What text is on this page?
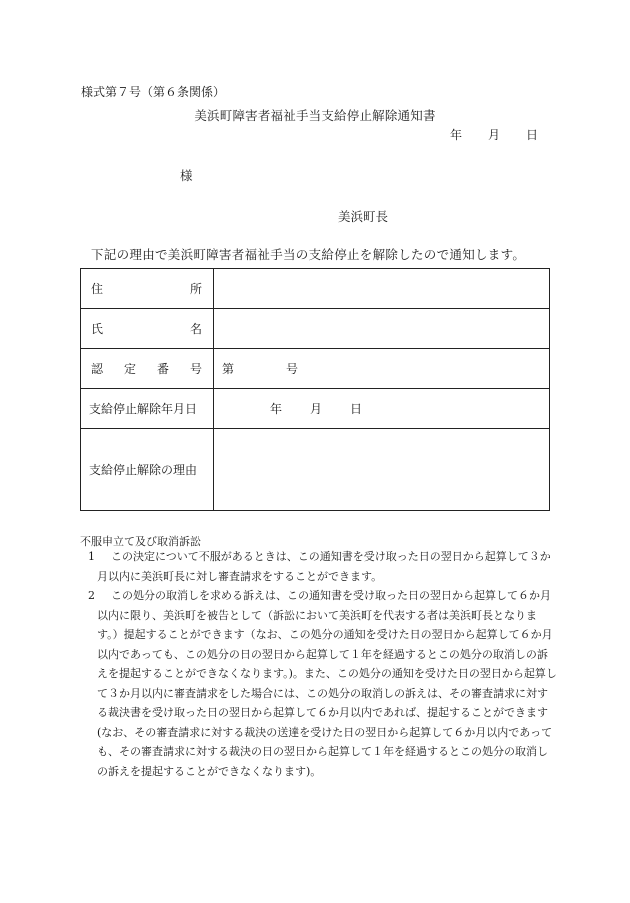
様式第７号（第６条関係）
美浜町障害者福祉手当支給停止解除通知書
年 月 日
様
美浜町長
下記の理由で美浜町障害者福祉手当の支給停止を解除したので通知します。
住 所	

氏 名	

認 定 番 号	第 号
支給停止解除年月日	年 月 日
支給停止解除の理由	
不服申立て及び取消訴訟
1 この決定について不服があるときは、この通知書を受け取った日の翌日から起算して３か月以内に美浜町長に対し審査請求をすることができます。
2 この処分の取消しを求める訴えは、この通知書を受け取った日の翌日から起算して６か月以内に限り、美浜町を被告として（訴訟において美浜町を代表する者は美浜町長となります。）提起することができます（なお、この処分の通知を受けた日の翌日から起算して６か月以内であっても、この処分の日の翌日から起算して１年を経過するとこの処分の取消しの訴えを提起することができなくなります。)。また、この処分の通知を受けた日の翌日から起算して３か月以内に審査請求をした場合には、この処分の取消しの訴えは、その審査請求に対する裁決書を受け取った日の翌日から起算して６か月以内であれば、提起することができます(なお、その審査請求に対する裁決の送達を受けた日の翌日から起算して６か月以内であっても、その審査請求に対する裁決の日の翌日から起算して１年を経過するとこの処分の取消しの訴えを提起することができなくなります)。
